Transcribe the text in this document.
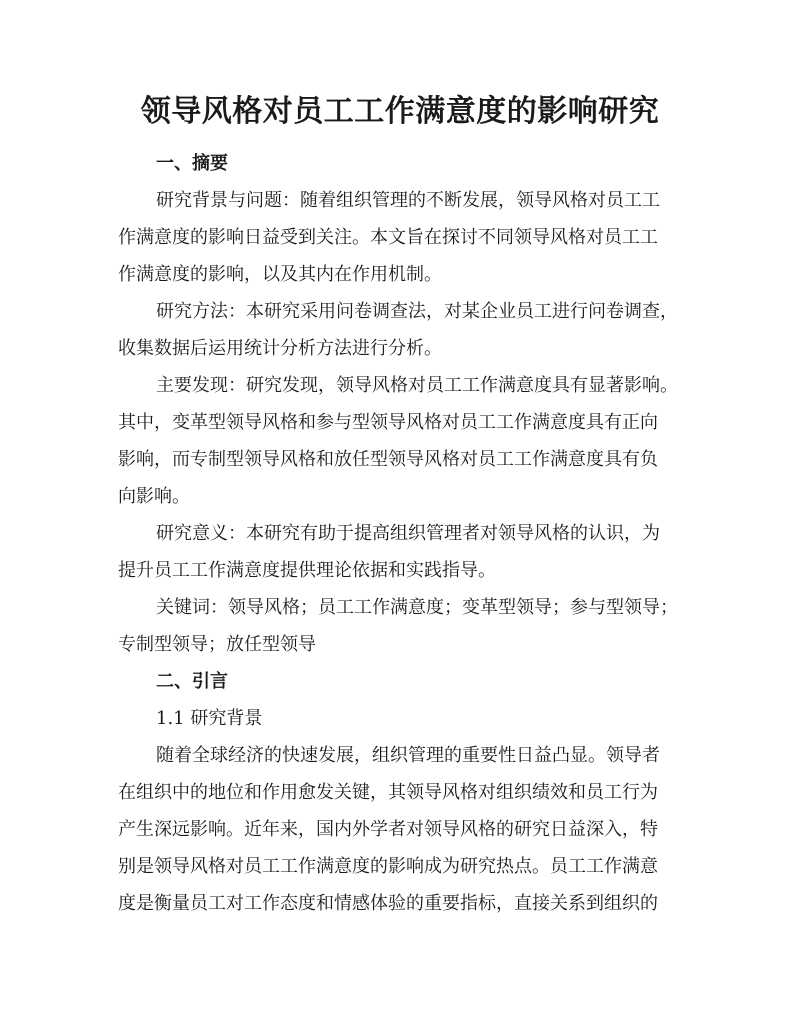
领导风格对员工工作满意度的影响研究
一、摘要

研究背景与问题：随着组织管理的不断发展，领导风格对员工工
作满意度的影响日益受到关注。本文旨在探讨不同领导风格对员工工
作满意度的影响，以及其内在作用机制。

研究方法：本研究采用问卷调查法，对某企业员工进行问卷调查，
收集数据后运用统计分析方法进行分析。

主要发现：研究发现，领导风格对员工工作满意度具有显著影响。
其中，变革型领导风格和参与型领导风格对员工工作满意度具有正向
影响，而专制型领导风格和放任型领导风格对员工工作满意度具有负
向影响。

研究意义：本研究有助于提高组织管理者对领导风格的认识，为
提升员工工作满意度提供理论依据和实践指导。

关键词：领导风格；员工工作满意度；变革型领导；参与型领导；
专制型领导；放任型领导

二、引言
1.1 研究背景

随着全球经济的快速发展，组织管理的重要性日益凸显。领导者
在组织中的地位和作用愈发关键，其领导风格对组织绩效和员工行为
产生深远影响。近年来，国内外学者对领导风格的研究日益深入，特
别是领导风格对员工工作满意度的影响成为研究热点。员工工作满意
度是衡量员工对工作态度和情感体验的重要指标，直接关系到组织的
